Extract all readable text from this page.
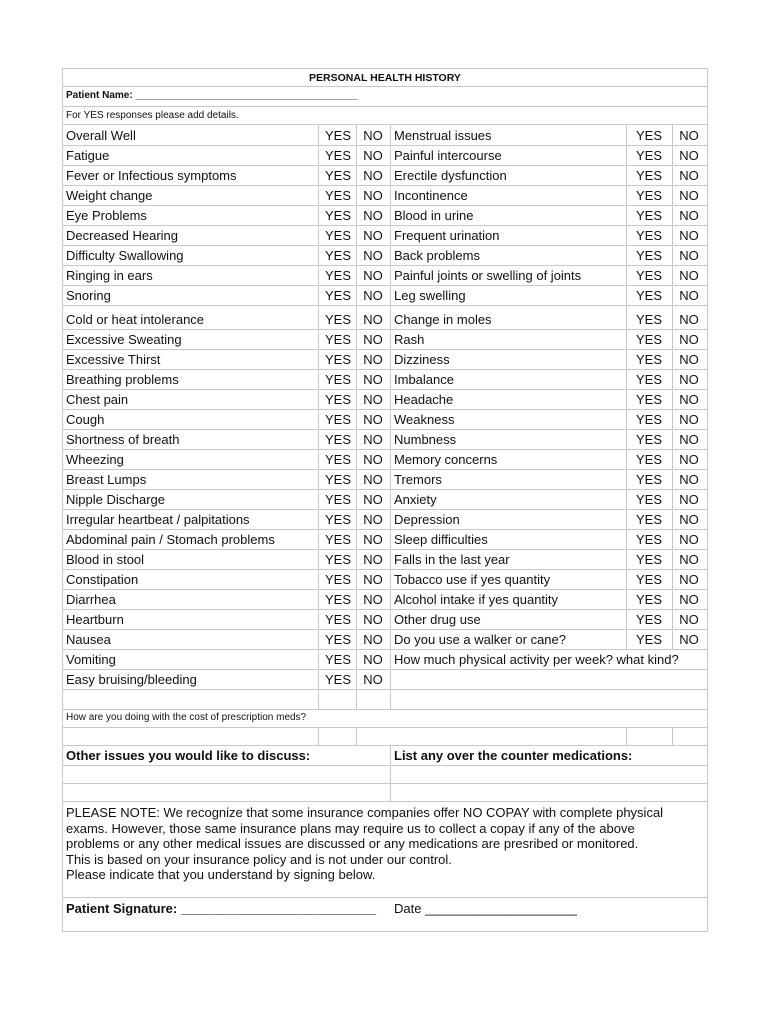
PERSONAL HEALTH HISTORY
Patient Name: ________________________________________
For YES responses please add details.
Overall Well	YES NO Menstrual issues	YES	NO
Fatigue	YES NO Painful intercourse	YES	NO
Fever or Infectious symptoms	YES NO Erectile dysfunction	YES	NO
Weight change	YES NO Incontinence	YES	NO
Eye Problems	YES NO Blood in urine	YES	NO
Decreased Hearing	YES NO Frequent urination	YES	NO
Difficulty Swallowing	YES NO Back problems	YES	NO
Ringing in ears	YES NO Painful joints or swelling of joints	YES	NO
Snoring	YES NO Leg swelling	YES	NO
Cold or heat intolerance	YES NO Change in moles	YES	NO
Excessive Sweating	YES NO Rash	YES	NO
Excessive Thirst	YES NO Dizziness	YES	NO
Breathing problems	YES NO Imbalance	YES	NO
Chest pain	YES NO Headache	YES	NO
Cough	YES NO Weakness	YES	NO
Shortness of breath	YES NO Numbness	YES	NO
Wheezing	YES NO Memory concerns	YES	NO
Breast Lumps	YES NO Tremors	YES	NO
Nipple Discharge	YES NO Anxiety	YES	NO
Irregular heartbeat / palpitations	YES NO Depression	YES	NO
Abdominal pain / Stomach problems	YES NO Sleep difficulties	YES	NO
Blood in stool	YES NO Falls in the last year	YES	NO
Constipation	YES NO Tobacco use if yes quantity	YES	NO
Diarrhea	YES NO Alcohol intake if yes quantity	YES	NO
Heartburn	YES NO Other drug use	YES	NO
Nausea	YES NO Do you use a walker or cane?	YES	NO
Vomiting	YES NO How much physical activity per week? what kind?
Easy bruising/bleeding	YES NO
How are you doing with the cost of prescription meds?
Other issues you would like to discuss:	List any over the counter medications:
PLEASE NOTE: We recognize that some insurance companies offer NO COPAY with complete physical
exams. However, those same insurance plans may require us to collect a copay if any of the above
problems or any other medical issues are discussed or any medications are presribed or monitored.
This is based on your insurance policy and is not under our control.
Please indicate that you understand by signing below.
Patient Signature: ___________________________	Date _____________________
